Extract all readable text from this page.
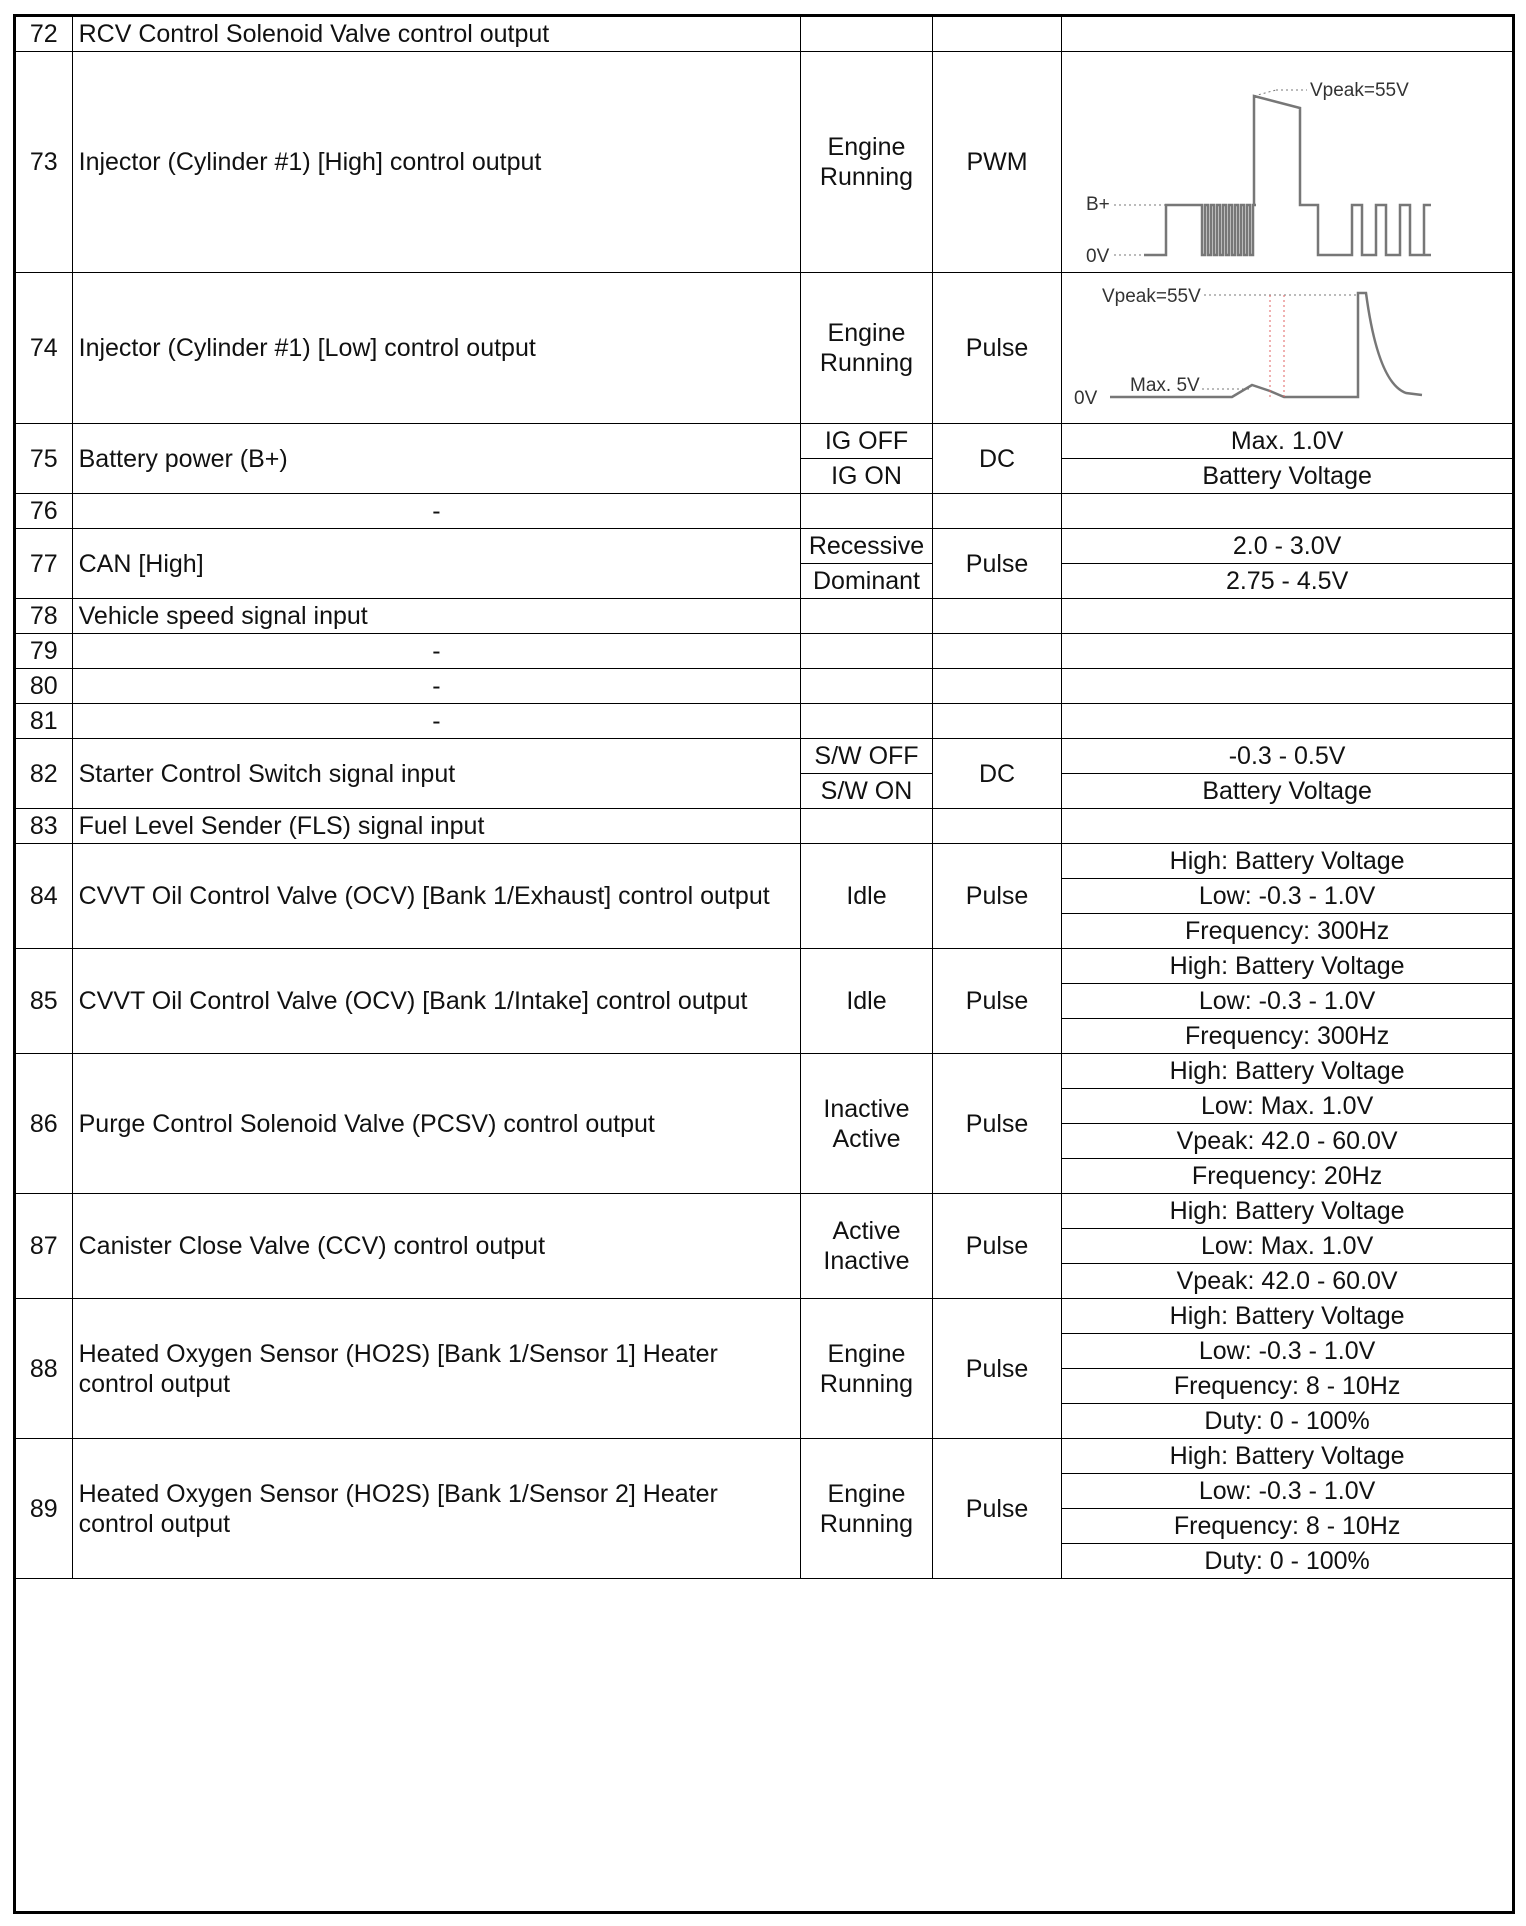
72	RCV Control Solenoid Valve control output			
73	Injector (Cylinder #1) [High] control output	Engine
Running	PWM	Vpeak=55V
B+
0V

74	Injector (Cylinder #1) [Low] control output	Engine
Running	Pulse	Vpeak=55V
Max. 5V
0V

75	Battery power (B+)	IG OFF	DC	Max. 1.0V
		IG ON		Battery Voltage
76	-			
77	CAN [High]	Recessive	Pulse	2.0 - 3.0V
		Dominant		2.75 - 4.5V
78	Vehicle speed signal input			
79	-			
80	-			
81	-			
82	Starter Control Switch signal input	S/W OFF	DC	-0.3 - 0.5V
		S/W ON		Battery Voltage
83	Fuel Level Sender (FLS) signal input			
84	CVVT Oil Control Valve (OCV) [Bank 1/Exhaust] control output	Idle	Pulse	High: Battery Voltage
				Low: -0.3 - 1.0V
				Frequency: 300Hz
85	CVVT Oil Control Valve (OCV) [Bank 1/Intake] control output	Idle	Pulse	High: Battery Voltage
				Low: -0.3 - 1.0V
				Frequency: 300Hz
86	Purge Control Solenoid Valve (PCSV) control output	Inactive
Active	Pulse	High: Battery Voltage
				Low: Max. 1.0V
				Vpeak: 42.0 - 60.0V
				Frequency: 20Hz
87	Canister Close Valve (CCV) control output	Active
Inactive	Pulse	High: Battery Voltage
				Low: Max. 1.0V
				Vpeak: 42.0 - 60.0V
88	Heated Oxygen Sensor (HO2S) [Bank 1/Sensor 1] Heater control output	Engine
Running	Pulse	High: Battery Voltage
				Low: -0.3 - 1.0V
				Frequency: 8 - 10Hz
				Duty: 0 - 100%
89	Heated Oxygen Sensor (HO2S) [Bank 1/Sensor 2] Heater control output	Engine
Running	Pulse	High: Battery Voltage
				Low: -0.3 - 1.0V
				Frequency: 8 - 10Hz
				Duty: 0 - 100%
